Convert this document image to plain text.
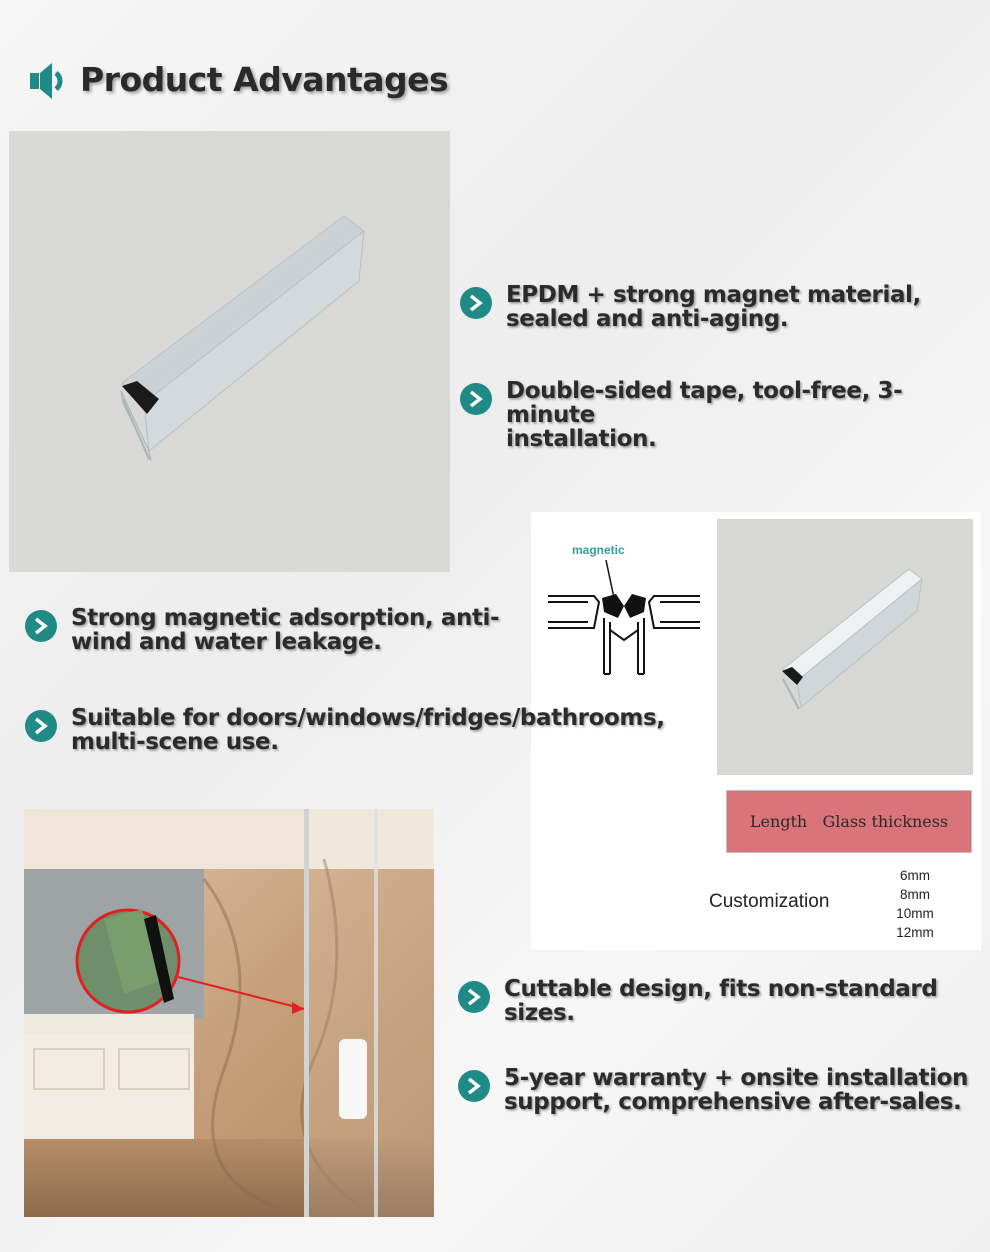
Product Advantages
EPDM + strong magnet material,
sealed and anti-aging.
Double-sided tape, tool-free, 3-minute
installation.
magnetic
Length   Glass thickness
Customization
6mm
8mm
10mm
12mm
Strong magnetic adsorption, anti-
wind and water leakage.
Suitable for doors/windows/fridges/bathrooms,
multi-scene use.
Cuttable design, fits non-standard
sizes.
5-year warranty + onsite installation
support, comprehensive after-sales.
